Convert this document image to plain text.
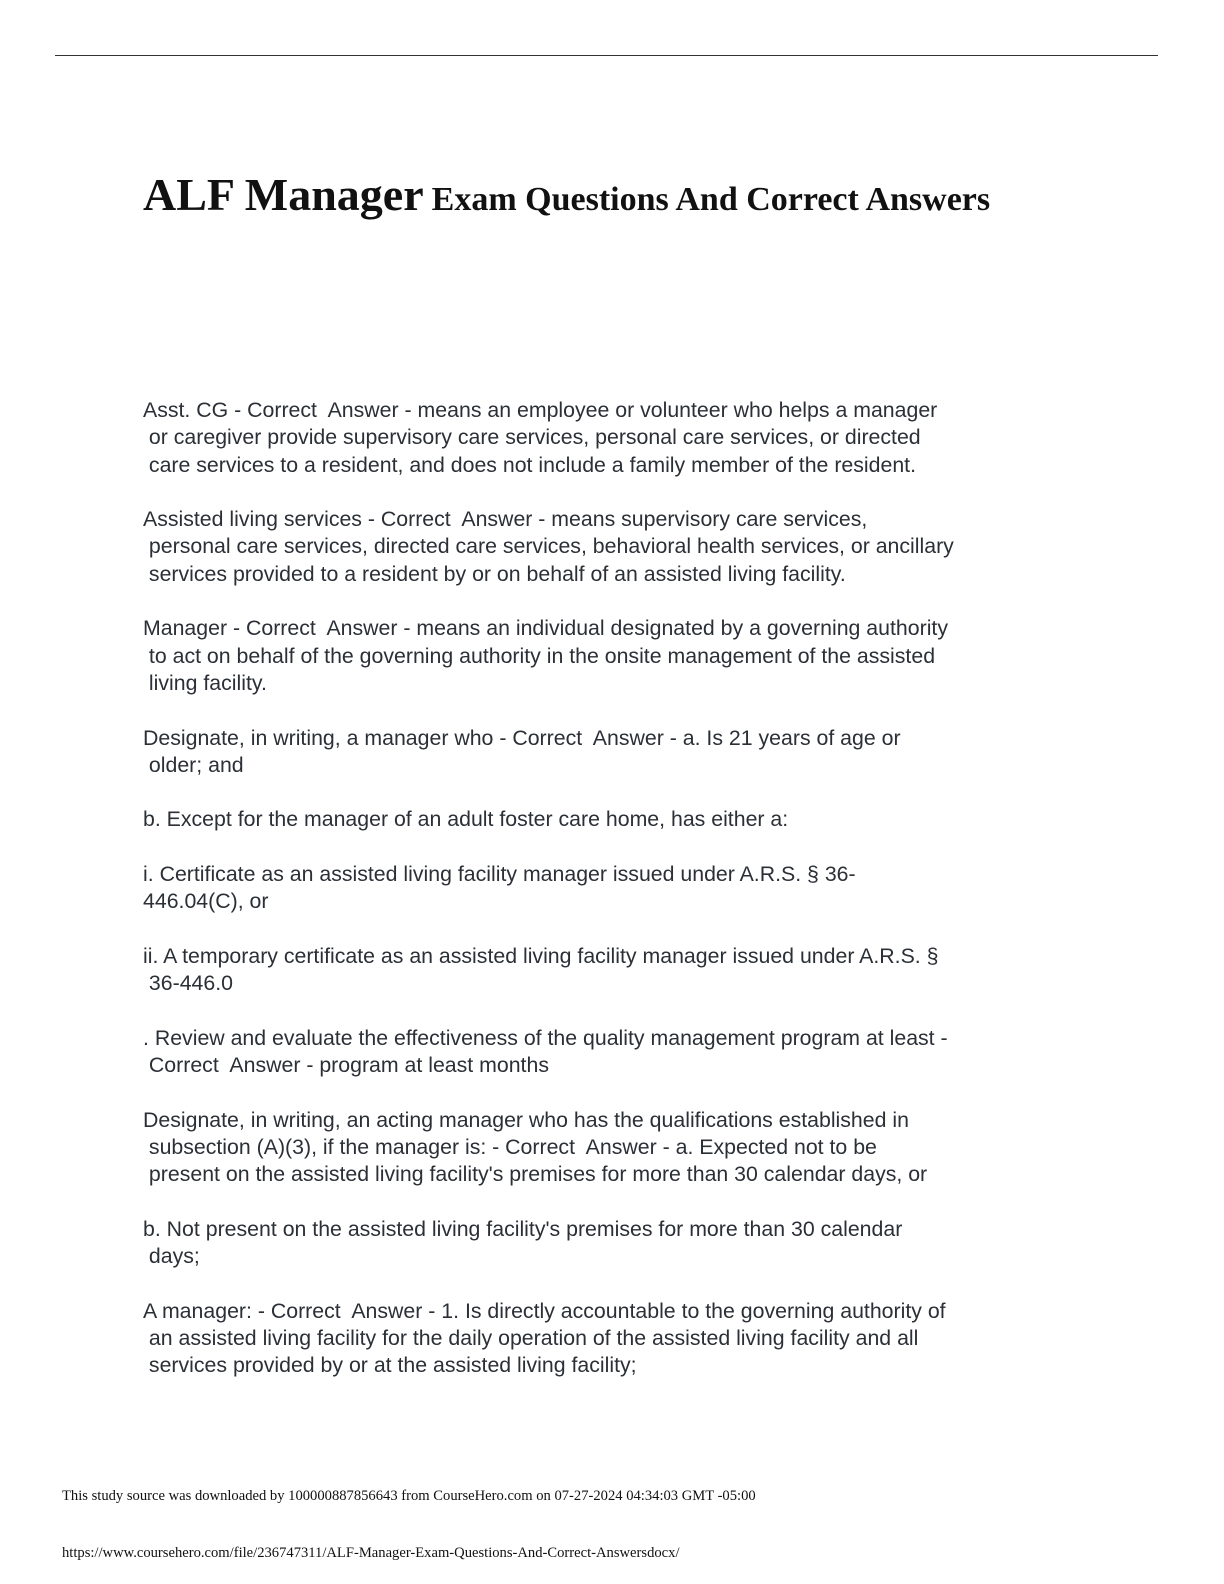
ALF Manager Exam Questions And Correct Answers
Asst. CG - Correct  Answer - means an employee or volunteer who helps a manager
or caregiver provide supervisory care services, personal care services, or directed
care services to a resident, and does not include a family member of the resident.
Assisted living services - Correct  Answer - means supervisory care services,
personal care services, directed care services, behavioral health services, or ancillary
services provided to a resident by or on behalf of an assisted living facility.
Manager - Correct  Answer - means an individual designated by a governing authority
to act on behalf of the governing authority in the onsite management of the assisted
living facility.
Designate, in writing, a manager who - Correct  Answer - a. Is 21 years of age or
older; and
b. Except for the manager of an adult foster care home, has either a:
i. Certificate as an assisted living facility manager issued under A.R.S. § 36-
446.04(C), or
ii. A temporary certificate as an assisted living facility manager issued under A.R.S. §
36-446.0
. Review and evaluate the effectiveness of the quality management program at least -
Correct  Answer - program at least months
Designate, in writing, an acting manager who has the qualifications established in
subsection (A)(3), if the manager is: - Correct  Answer - a. Expected not to be
present on the assisted living facility's premises for more than 30 calendar days, or
b. Not present on the assisted living facility's premises for more than 30 calendar
days;
A manager: - Correct  Answer - 1. Is directly accountable to the governing authority of
an assisted living facility for the daily operation of the assisted living facility and all
services provided by or at the assisted living facility;
This study source was downloaded by 100000887856643 from CourseHero.com on 07-27-2024 04:34:03 GMT -05:00
https://www.coursehero.com/file/236747311/ALF-Manager-Exam-Questions-And-Correct-Answersdocx/
